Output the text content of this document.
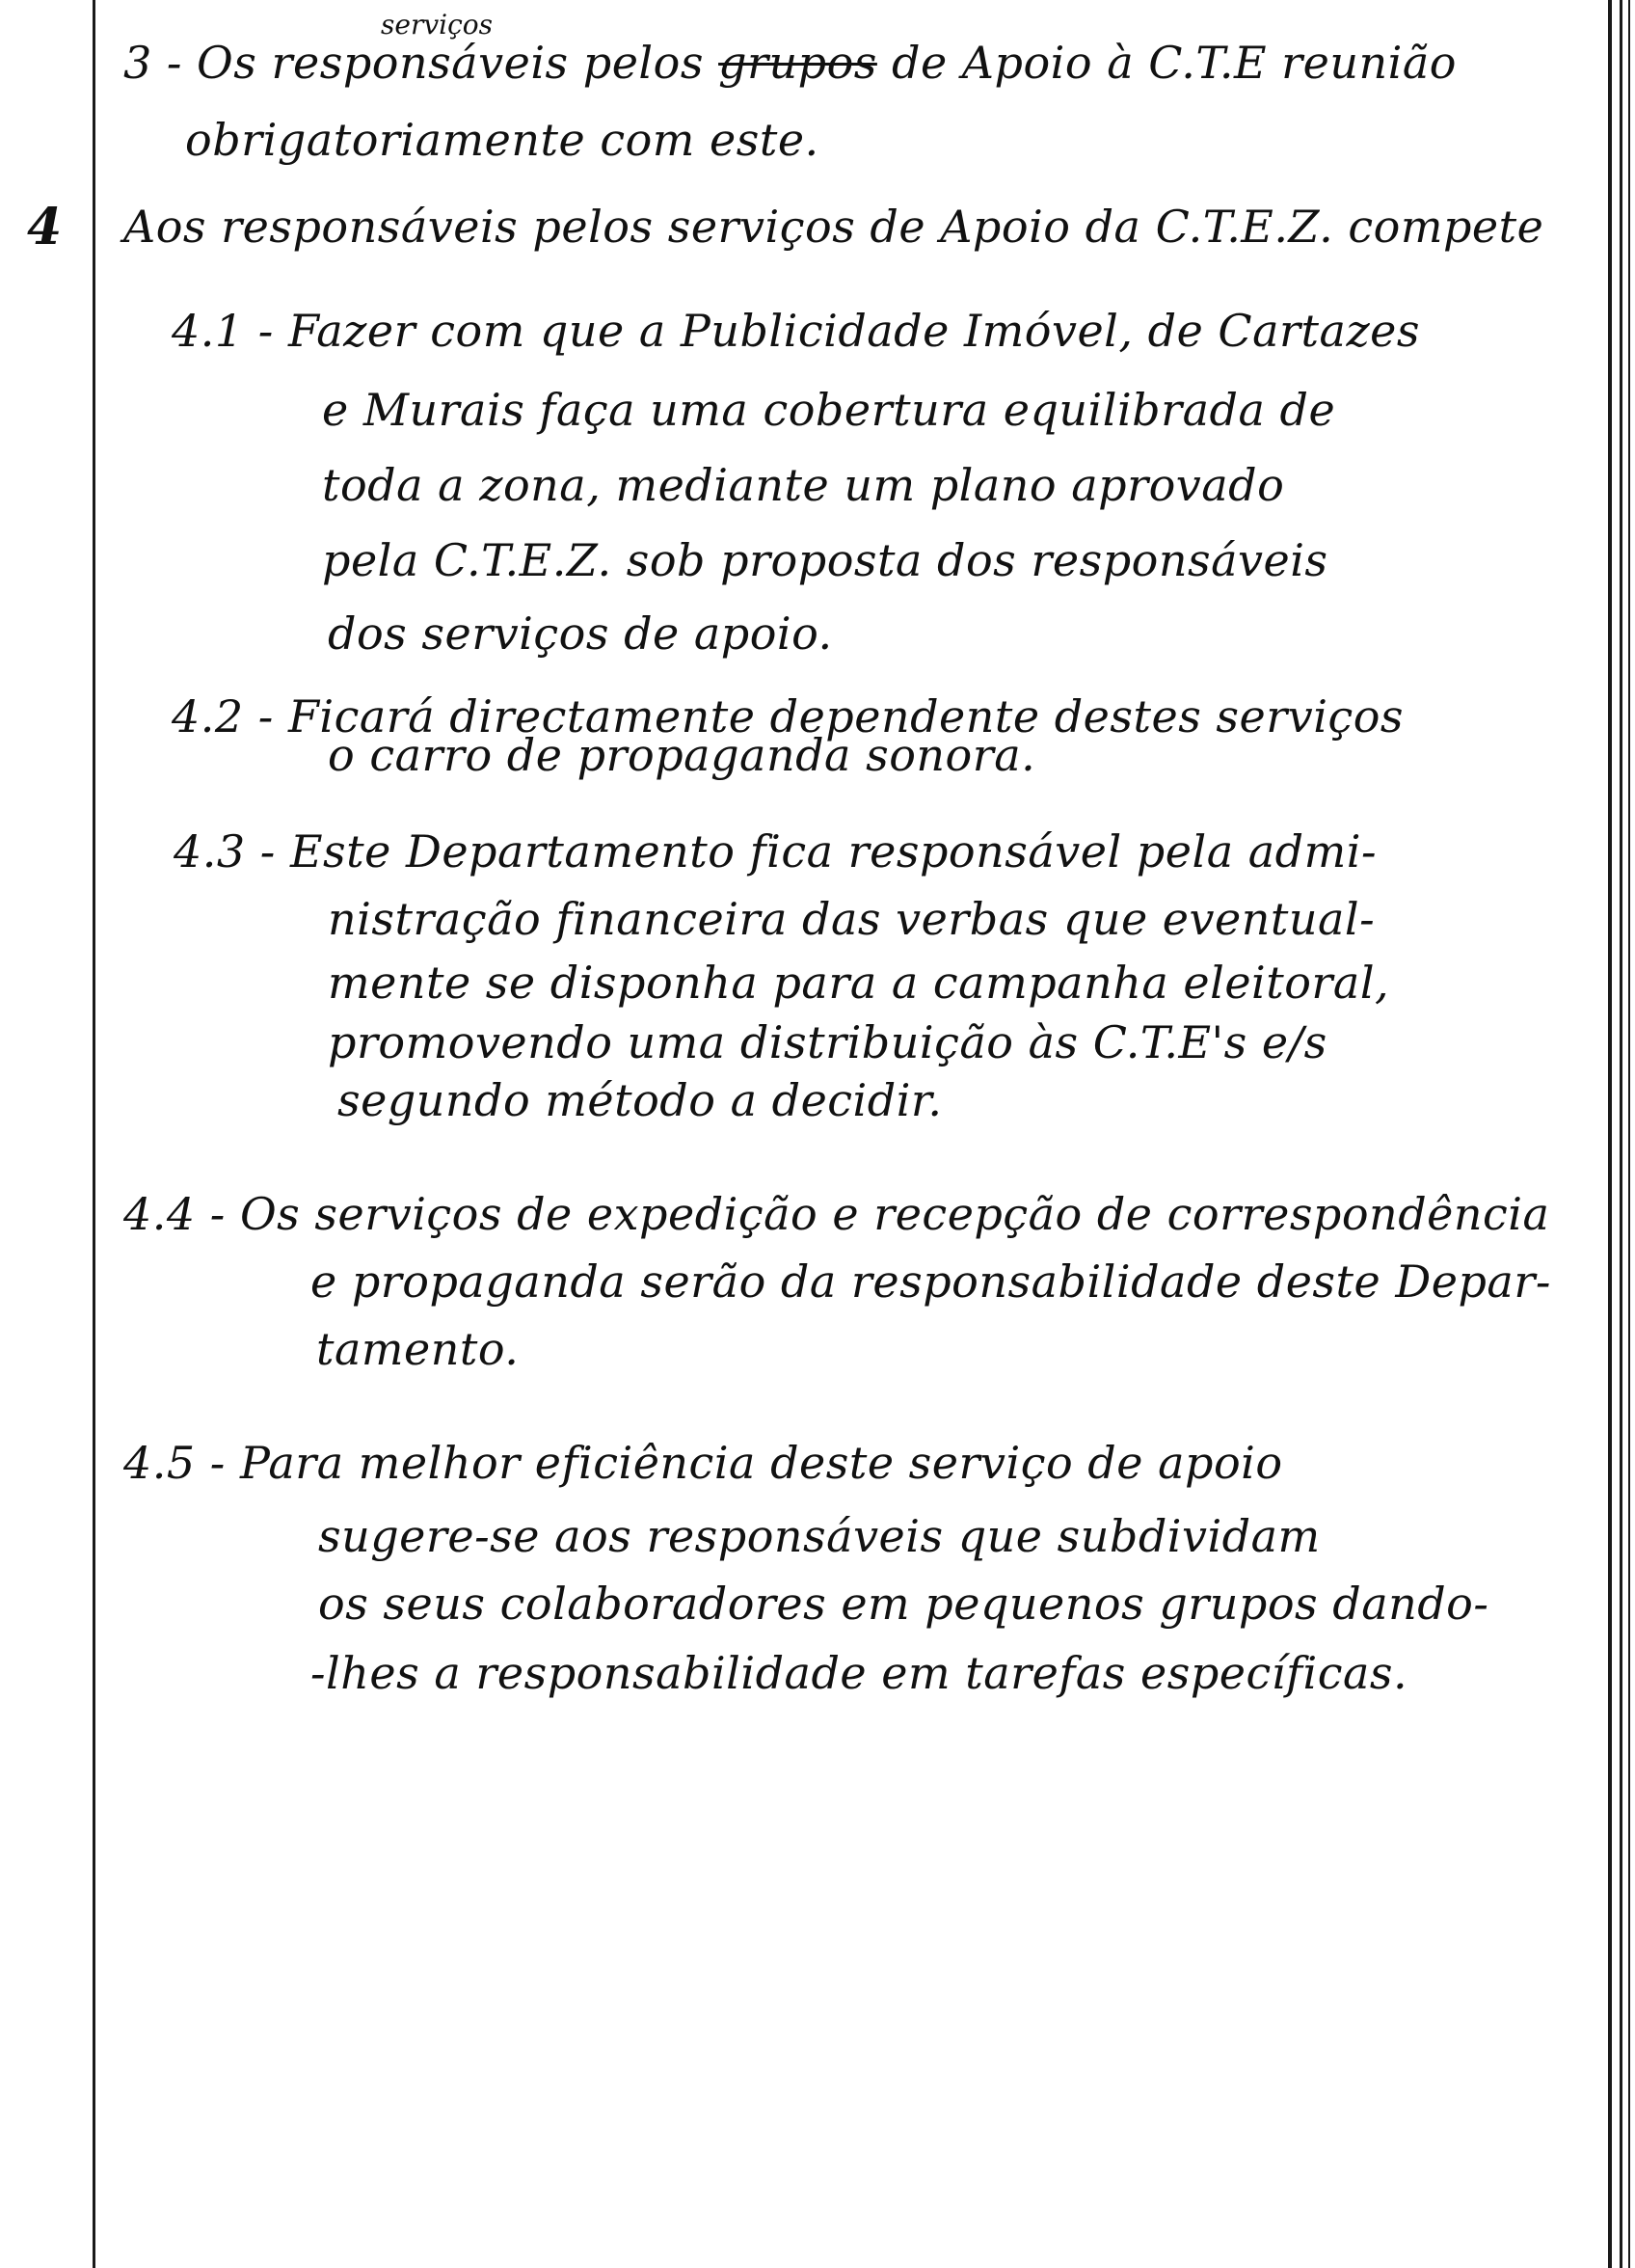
serviços
3 - Os responsáveis pelos grupos de Apoio à C.T.E reunião
obrigatoriamente com este.
4 Aos responsáveis pelos serviços de Apoio da C.T.E.Z. compete
4.1 - Fazer com que a Publicidade Imóvel, de Cartazes
e Murais faça uma cobertura equilibrada de
toda a zona, mediante um plano aprovado
pela C.T.E.Z. sob proposta dos responsáveis
dos serviços de apoio.
4.2 - Ficará directamente dependente destes serviços
o carro de propaganda sonora.
4.3 - Este Departamento fica responsável pela admi-
nistração financeira das verbas que eventual-
mente se disponha para a campanha eleitoral,
promovendo uma distribuição às C.T.E's e/s
segundo método a decidir.
4.4 - Os serviços de expedição e recepção de correspondência
e propaganda serão da responsabilidade deste Depar-
tamento.
4.5 - Para melhor eficiência deste serviço de apoio
sugere-se aos responsáveis que subdividam
os seus colaboradores em pequenos grupos dando-
-lhes a responsabilidade em tarefas específicas.
